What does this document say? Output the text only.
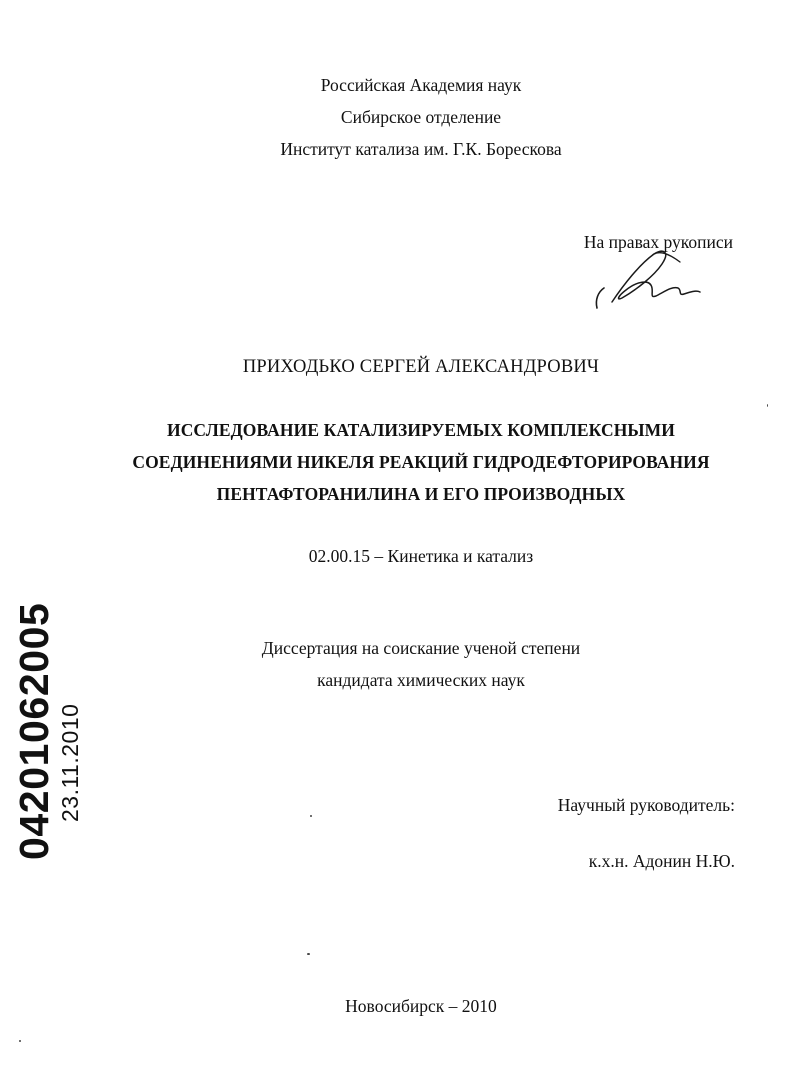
Российская Академия наук
Сибирское отделение
Институт катализа им. Г.К. Борескова
На правах рукописи
ПРИХОДЬКО СЕРГЕЙ АЛЕКСАНДРОВИЧ
ИССЛЕДОВАНИЕ КАТАЛИЗИРУЕМЫХ КОМПЛЕКСНЫМИ
СОЕДИНЕНИЯМИ НИКЕЛЯ РЕАКЦИЙ ГИДРОДЕФТОРИРОВАНИЯ
ПЕНТАФТОРАНИЛИНА И ЕГО ПРОИЗВОДНЫХ
02.00.15 – Кинетика и катализ
Диссертация на соискание ученой степени
кандидата химических наук
Научный руководитель:
к.х.н. Адонин Н.Ю.
Новосибирск – 2010
04201062005 23.11.2010
